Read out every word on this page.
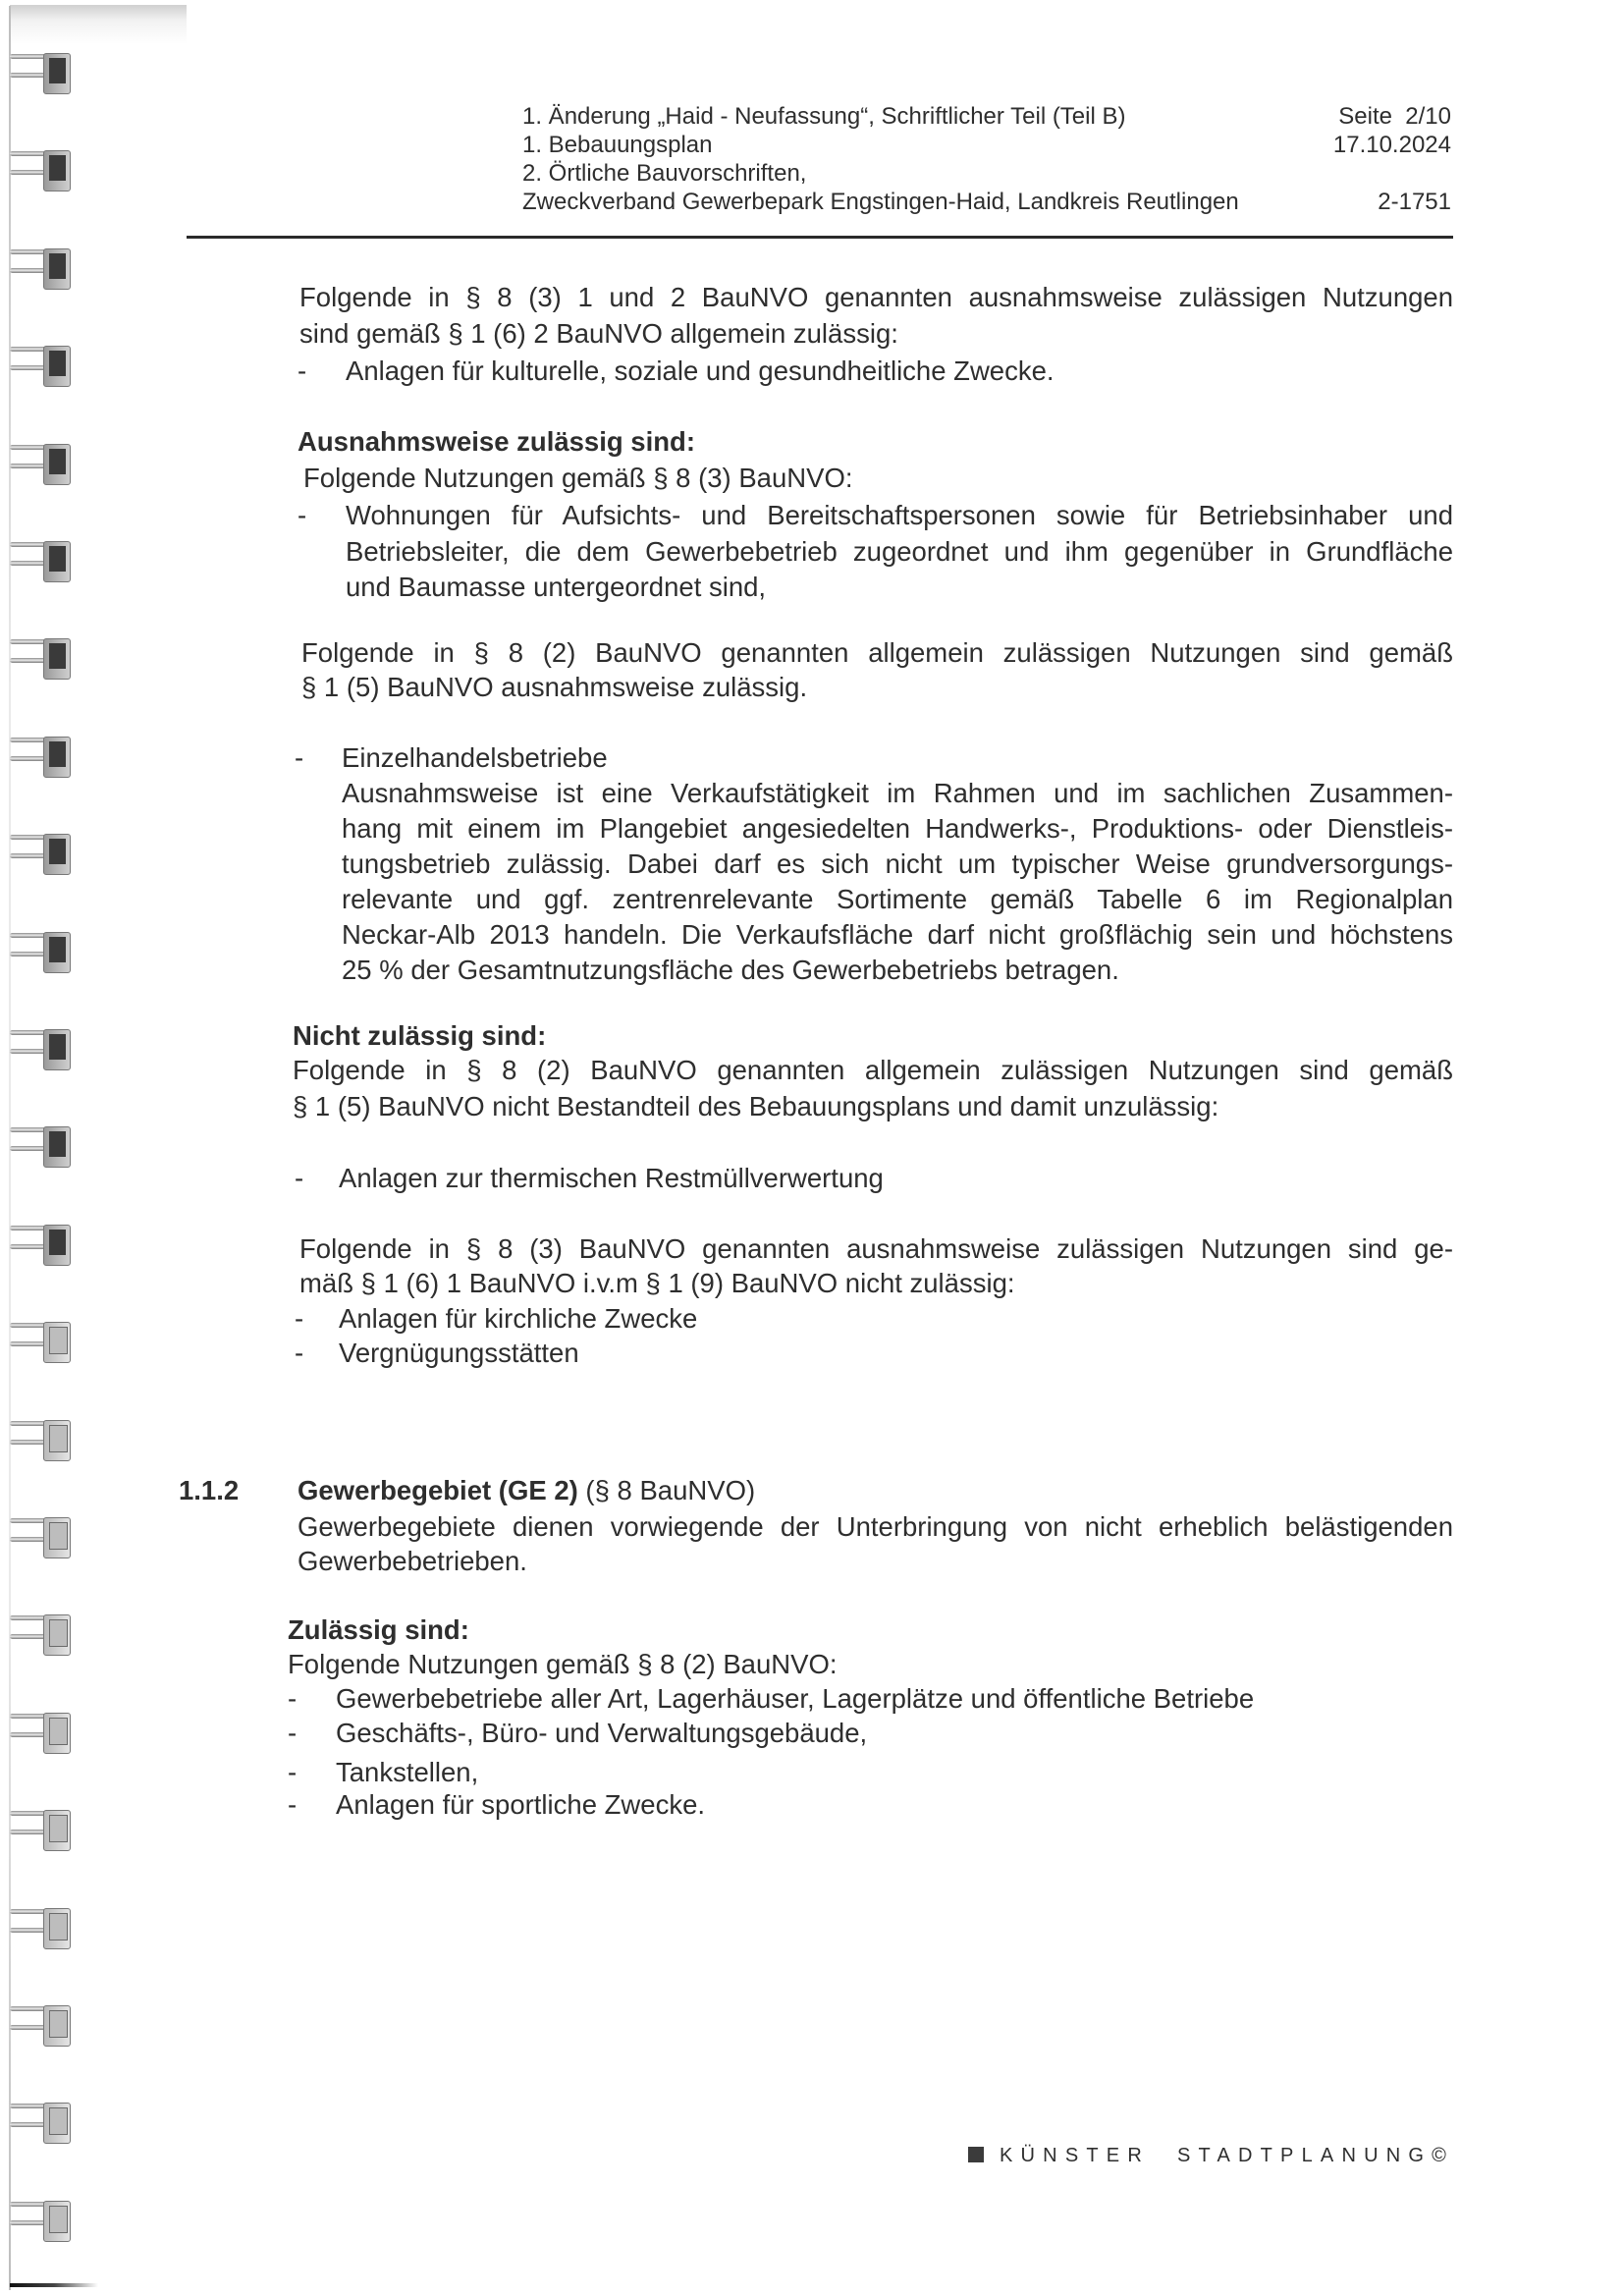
1. Änderung „Haid - Neufassung“, Schriftlicher Teil (Teil B)
1. Bebauungsplan
2. Örtliche Bauvorschriften,
Zweckverband Gewerbepark Engstingen-Haid, Landkreis Reutlingen
Seite  2/10
17.10.2024

2-1751
Folgende in § 8 (3) 1 und 2 BauNVO genannten ausnahmsweise zulässigen Nutzungen
sind gemäß § 1 (6) 2 BauNVO allgemein zulässig:
- Anlagen für kulturelle, soziale und gesundheitliche Zwecke.
Ausnahmsweise zulässig sind:
Folgende Nutzungen gemäß § 8 (3) BauNVO:
- Wohnungen für Aufsichts- und Bereitschaftspersonen sowie für Betriebsinhaber und
Betriebsleiter, die dem Gewerbebetrieb zugeordnet und ihm gegenüber in Grundfläche
und Baumasse untergeordnet sind,
Folgende in § 8 (2) BauNVO genannten allgemein zulässigen Nutzungen sind gemäß
§ 1 (5) BauNVO ausnahmsweise zulässig.
- Einzelhandelsbetriebe
Ausnahmsweise ist eine Verkaufstätigkeit im Rahmen und im sachlichen Zusammen-
hang mit einem im Plangebiet angesiedelten Handwerks-, Produktions- oder Dienstleis-
tungsbetrieb zulässig. Dabei darf es sich nicht um typischer Weise grundversorgungs-
relevante und ggf. zentrenrelevante Sortimente gemäß Tabelle 6 im Regionalplan
Neckar-Alb 2013 handeln. Die Verkaufsfläche darf nicht großflächig sein und höchstens
25 % der Gesamtnutzungsfläche des Gewerbebetriebs betragen.
Nicht zulässig sind:
Folgende in § 8 (2) BauNVO genannten allgemein zulässigen Nutzungen sind gemäß
§ 1 (5) BauNVO nicht Bestandteil des Bebauungsplans und damit unzulässig:
- Anlagen zur thermischen Restmüllverwertung
Folgende in § 8 (3) BauNVO genannten ausnahmsweise zulässigen Nutzungen sind ge-
mäß § 1 (6) 1 BauNVO i.v.m § 1 (9) BauNVO nicht zulässig:
- Anlagen für kirchliche Zwecke
- Vergnügungsstätten
1.1.2 Gewerbegebiet (GE 2) (§ 8 BauNVO)
Gewerbegebiete dienen vorwiegende der Unterbringung von nicht erheblich belästigenden
Gewerbebetrieben.
Zulässig sind:
Folgende Nutzungen gemäß § 8 (2) BauNVO:
- Gewerbebetriebe aller Art, Lagerhäuser, Lagerplätze und öffentliche Betriebe
- Geschäfts-, Büro- und Verwaltungsgebäude,
- Tankstellen,
- Anlagen für sportliche Zwecke.
KÜNSTER STADTPLANUNG©
